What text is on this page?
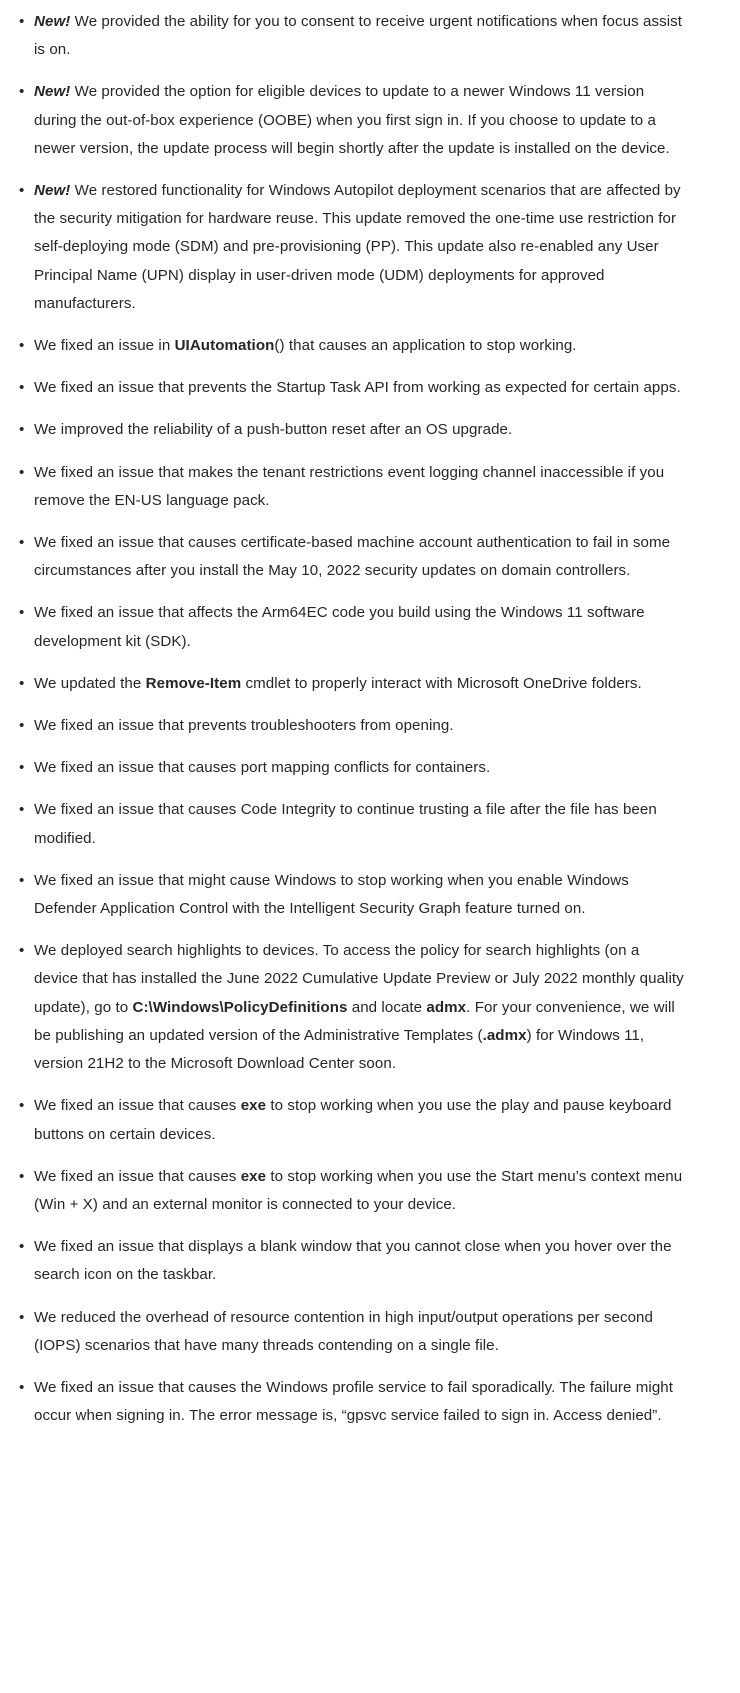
• New! We provided the ability for you to consent to receive urgent notifications when focus assist is on.
• New! We provided the option for eligible devices to update to a newer Windows 11 version during the out-of-box experience (OOBE) when you first sign in. If you choose to update to a newer version, the update process will begin shortly after the update is installed on the device.
• New! We restored functionality for Windows Autopilot deployment scenarios that are affected by the security mitigation for hardware reuse. This update removed the one-time use restriction for self-deploying mode (SDM) and pre-provisioning (PP). This update also re-enabled any User Principal Name (UPN) display in user-driven mode (UDM) deployments for approved manufacturers.
• We fixed an issue in UIAutomation() that causes an application to stop working.
• We fixed an issue that prevents the Startup Task API from working as expected for certain apps.
• We improved the reliability of a push-button reset after an OS upgrade.
• We fixed an issue that makes the tenant restrictions event logging channel inaccessible if you remove the EN-US language pack.
• We fixed an issue that causes certificate-based machine account authentication to fail in some circumstances after you install the May 10, 2022 security updates on domain controllers.
• We fixed an issue that affects the Arm64EC code you build using the Windows 11 software development kit (SDK).
• We updated the Remove-Item cmdlet to properly interact with Microsoft OneDrive folders.
• We fixed an issue that prevents troubleshooters from opening.
• We fixed an issue that causes port mapping conflicts for containers.
• We fixed an issue that causes Code Integrity to continue trusting a file after the file has been modified.
• We fixed an issue that might cause Windows to stop working when you enable Windows Defender Application Control with the Intelligent Security Graph feature turned on.
• We deployed search highlights to devices. To access the policy for search highlights (on a device that has installed the June 2022 Cumulative Update Preview or July 2022 monthly quality update), go to C:\Windows\PolicyDefinitions and locate admx. For your convenience, we will be publishing an updated version of the Administrative Templates (.admx) for Windows 11, version 21H2 to the Microsoft Download Center soon.
• We fixed an issue that causes exe to stop working when you use the play and pause keyboard buttons on certain devices.
• We fixed an issue that causes exe to stop working when you use the Start menu’s context menu (Win + X) and an external monitor is connected to your device.
• We fixed an issue that displays a blank window that you cannot close when you hover over the search icon on the taskbar.
• We reduced the overhead of resource contention in high input/output operations per second (IOPS) scenarios that have many threads contending on a single file.
• We fixed an issue that causes the Windows profile service to fail sporadically. The failure might occur when signing in. The error message is, “gpsvc service failed to sign in. Access denied”.
